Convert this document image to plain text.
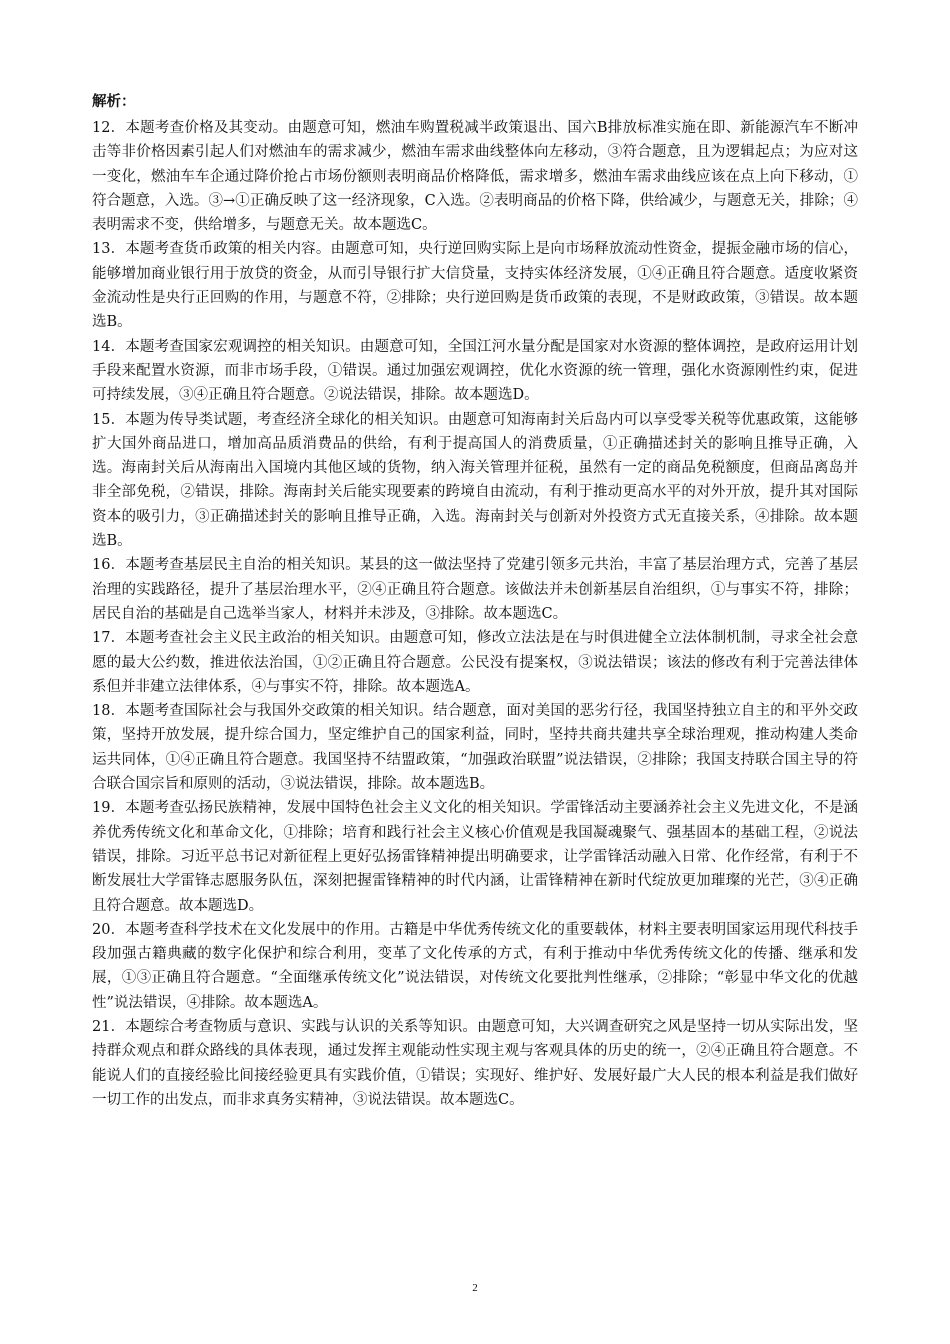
解析：

12．本题考查价格及其变动。由题意可知，燃油车购置税减半政策退出、国六B排放标准实施在即、新能源汽车不断冲击等非价格因素引起人们对燃油车的需求减少，燃油车需求曲线整体向左移动，③符合题意，且为逻辑起点；为应对这一变化，燃油车车企通过降价抢占市场份额则表明商品价格降低，需求增多，燃油车需求曲线应该在点上向下移动，①符合题意，入选。③→①正确反映了这一经济现象，C入选。②表明商品的价格下降，供给减少，与题意无关，排除；④表明需求不变，供给增多，与题意无关。故本题选C。

13．本题考查货币政策的相关内容。由题意可知，央行逆回购实际上是向市场释放流动性资金，提振金融市场的信心，能够增加商业银行用于放贷的资金，从而引导银行扩大信贷量，支持实体经济发展，①④正确且符合题意。适度收紧资金流动性是央行正回购的作用，与题意不符，②排除；央行逆回购是货币政策的表现，不是财政政策，③错误。故本题选B。

14．本题考查国家宏观调控的相关知识。由题意可知，全国江河水量分配是国家对水资源的整体调控，是政府运用计划手段来配置水资源，而非市场手段，①错误。通过加强宏观调控，优化水资源的统一管理，强化水资源刚性约束，促进可持续发展，③④正确且符合题意。②说法错误，排除。故本题选D。

15．本题为传导类试题，考查经济全球化的相关知识。由题意可知海南封关后岛内可以享受零关税等优惠政策，这能够扩大国外商品进口，增加高品质消费品的供给，有利于提高国人的消费质量，①正确描述封关的影响且推导正确，入选。海南封关后从海南出入国境内其他区域的货物，纳入海关管理并征税，虽然有一定的商品免税额度，但商品离岛并非全部免税，②错误，排除。海南封关后能实现要素的跨境自由流动，有利于推动更高水平的对外开放，提升其对国际资本的吸引力，③正确描述封关的影响且推导正确，入选。海南封关与创新对外投资方式无直接关系，④排除。故本题选B。

16．本题考查基层民主自治的相关知识。某县的这一做法坚持了党建引领多元共治，丰富了基层治理方式，完善了基层治理的实践路径，提升了基层治理水平，②④正确且符合题意。该做法并未创新基层自治组织，①与事实不符，排除；居民自治的基础是自己选举当家人，材料并未涉及，③排除。故本题选C。

17．本题考查社会主义民主政治的相关知识。由题意可知，修改立法法是在与时俱进健全立法体制机制，寻求全社会意愿的最大公约数，推进依法治国，①②正确且符合题意。公民没有提案权，③说法错误；该法的修改有利于完善法律体系但并非建立法律体系，④与事实不符，排除。故本题选A。

18．本题考查国际社会与我国外交政策的相关知识。结合题意，面对美国的恶劣行径，我国坚持独立自主的和平外交政策，坚持开放发展，提升综合国力，坚定维护自己的国家利益，同时，坚持共商共建共享全球治理观，推动构建人类命运共同体，①④正确且符合题意。我国坚持不结盟政策，“加强政治联盟”说法错误，②排除；我国支持联合国主导的符合联合国宗旨和原则的活动，③说法错误，排除。故本题选B。

19．本题考查弘扬民族精神，发展中国特色社会主义文化的相关知识。学雷锋活动主要涵养社会主义先进文化，不是涵养优秀传统文化和革命文化，①排除；培育和践行社会主义核心价值观是我国凝魂聚气、强基固本的基础工程，②说法错误，排除。习近平总书记对新征程上更好弘扬雷锋精神提出明确要求，让学雷锋活动融入日常、化作经常，有利于不断发展壮大学雷锋志愿服务队伍，深刻把握雷锋精神的时代内涵，让雷锋精神在新时代绽放更加璀璨的光芒，③④正确且符合题意。故本题选D。

20．本题考查科学技术在文化发展中的作用。古籍是中华优秀传统文化的重要载体，材料主要表明国家运用现代科技手段加强古籍典藏的数字化保护和综合利用，变革了文化传承的方式，有利于推动中华优秀传统文化的传播、继承和发展，①③正确且符合题意。“全面继承传统文化”说法错误，对传统文化要批判性继承，②排除；“彰显中华文化的优越性”说法错误，④排除。故本题选A。

21．本题综合考查物质与意识、实践与认识的关系等知识。由题意可知，大兴调查研究之风是坚持一切从实际出发，坚持群众观点和群众路线的具体表现，通过发挥主观能动性实现主观与客观具体的历史的统一，②④正确且符合题意。不能说人们的直接经验比间接经验更具有实践价值，①错误；实现好、维护好、发展好最广大人民的根本利益是我们做好一切工作的出发点，而非求真务实精神，③说法错误。故本题选C。

2
